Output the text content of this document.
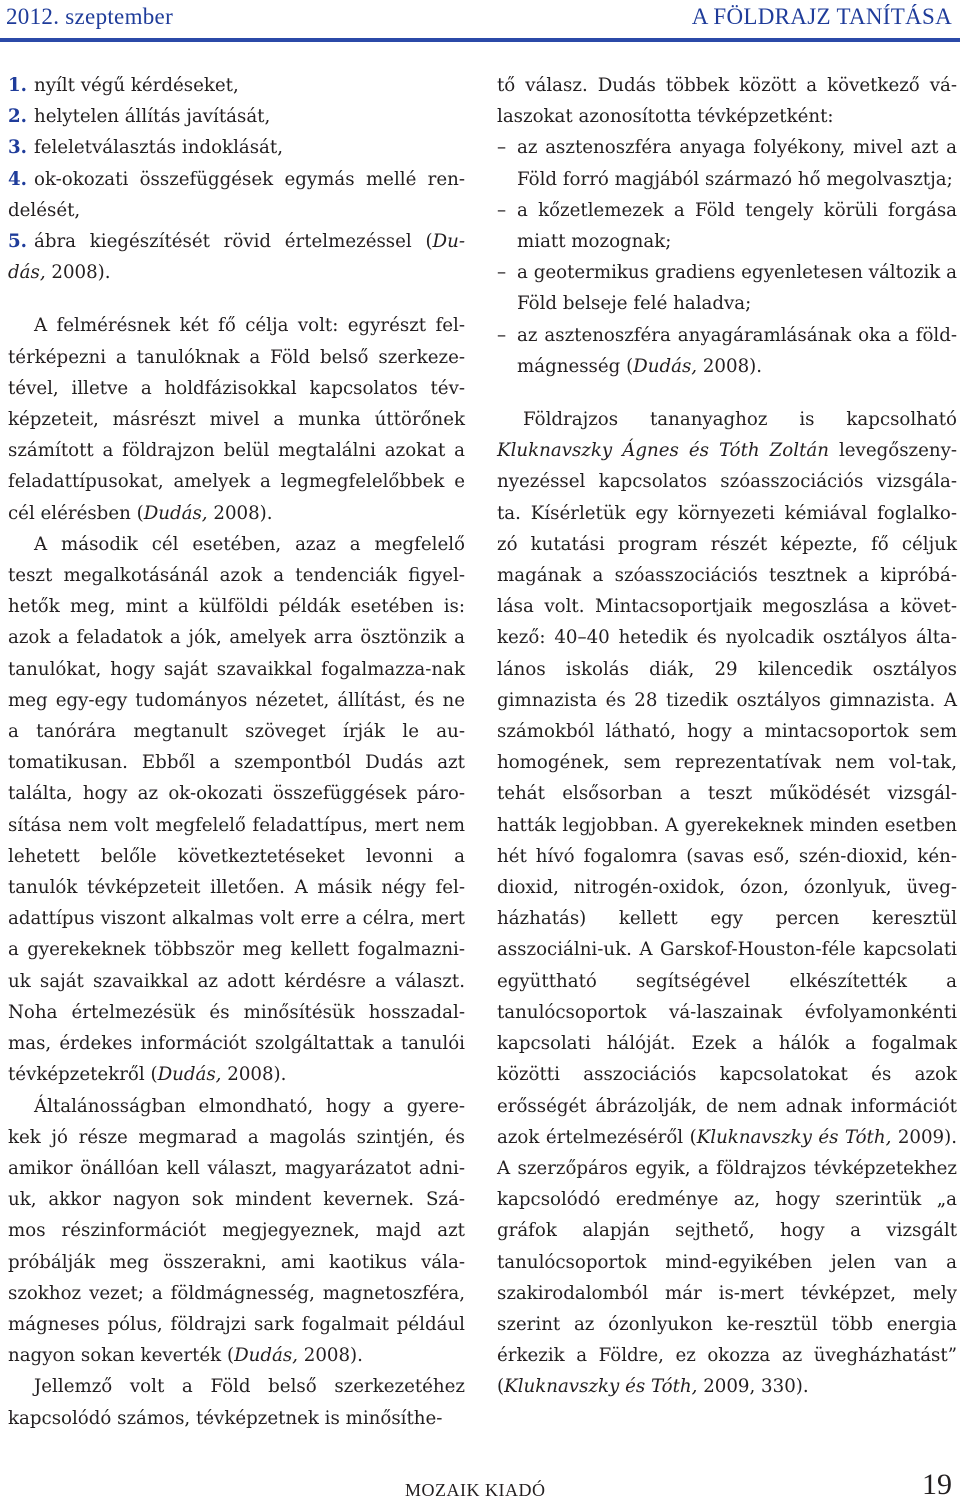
2012. szeptember	A FÖLDRAJZ TANÍTÁSA
1. nyílt végű kérdéseket,
2. helytelen állítás javítását,
3. feleletválasztás indoklását,
4. ok-okozati összefüggések egymás mellé ren-delését,
5. ábra kiegészítését rövid értelmezéssel (Du-dás, 2008).

A felmérésnek két fő célja volt: egyrészt fel-térképezni a tanulóknak a Föld belső szerkeze-tével, illetve a holdfázisokkal kapcsolatos tév-képzeteit, másrészt mivel a munka úttörőnek számított a földrajzon belül megtalálni azokat a feladattípusokat, amelyek a legmegfelelőbbek e cél elérésben (Dudás, 2008).

A második cél esetében, azaz a megfelelő teszt megalkotásánál azok a tendenciák figyel-hetők meg, mint a külföldi példák esetében is: azok a feladatok a jók, amelyek arra ösztönzik a tanulókat, hogy saját szavaikkal fogalmazza-nak meg egy-egy tudományos nézetet, állítást, és ne a tanórára megtanult szöveget írják le au-tomatikusan. Ebből a szempontból Dudás azt találta, hogy az ok-okozati összefüggések páro-sítása nem volt megfelelő feladattípus, mert nem lehetett belőle következtetéseket levonni a tanulók tévképzeteit illetően. A másik négy fel-adattípus viszont alkalmas volt erre a célra, mert a gyerekeknek többször meg kellett fogalmazni-uk saját szavaikkal az adott kérdésre a választ. Noha értelmezésük és minősítésük hosszadal-mas, érdekes információt szolgáltattak a tanulói tévképzetekről (Dudás, 2008).

Általánosságban elmondható, hogy a gyere-kek jó része megmarad a magolás szintjén, és amikor önállóan kell választ, magyarázatot adni-uk, akkor nagyon sok mindent kevernek. Szá-mos részinformációt megjegyeznek, majd azt próbálják meg összerakni, ami kaotikus vála-szokhoz vezet; a földmágnesség, magnetoszféra, mágneses pólus, földrajzi sark fogalmait például nagyon sokan keverték (Dudás, 2008).

Jellemző volt a Föld belső szerkezetéhez kapcsolódó számos, tévképzetnek is minősíthe-

tő válasz. Dudás többek között a következő vá-laszokat azonosította tévképzetként:

– az asztenoszféra anyaga folyékony, mivel azt a Föld forró magjából származó hő megolvasztja;
– a kőzetlemezek a Föld tengely körüli forgása miatt mozognak;
– a geotermikus gradiens egyenletesen változik a Föld belseje felé haladva;
– az asztenoszféra anyagáramlásának oka a föld-mágnesség (Dudás, 2008).

Földrajzos tananyaghoz is kapcsolható Kluknavszky Ágnes és Tóth Zoltán levegőszeny-nyezéssel kapcsolatos szóasszociációs vizsgála-ta. Kísérletük egy környezeti kémiával foglalko-zó kutatási program részét képezte, fő céljuk magának a szóasszociációs tesztnek a kipróbá-lása volt. Mintacsoportjaik megoszlása a követ-kező: 40–40 hetedik és nyolcadik osztályos álta-lános iskolás diák, 29 kilencedik osztályos gimnazista és 28 tizedik osztályos gimnazista. A számokból látható, hogy a mintacsoportok sem homogének, sem reprezentatívak nem vol-tak, tehát elsősorban a teszt működését vizsgál-hatták legjobban. A gyerekeknek minden esetben hét hívó fogalomra (savas eső, szén-dioxid, kén-dioxid, nitrogén-oxidok, ózon, ózonlyuk, üveg-házhatás) kellett egy percen keresztül asszociálni-uk. A Garskof-Houston-féle kapcsolati együttható segítségével elkészítették a tanulócsoportok vá-laszainak évfolyamonkénti kapcsolati hálóját. Ezek a hálók a fogalmak közötti asszociációs kapcsolatokat és azok erősségét ábrázolják, de nem adnak információt azok értelmezéséről (Kluknavszky és Tóth, 2009). A szerzőpáros egyik, a földrajzos tévképzetekhez kapcsolódó eredménye az, hogy szerintük „a gráfok alapján sejthető, hogy a vizsgált tanulócsoportok mind-egyikében jelen van a szakirodalomból már is-mert tévképzet, mely szerint az ózonlyukon ke-resztül több energia érkezik a Földre, ez okozza az üvegházhatást” (Kluknavszky és Tóth, 2009, 330).

MOZAIK KIADÓ	19
